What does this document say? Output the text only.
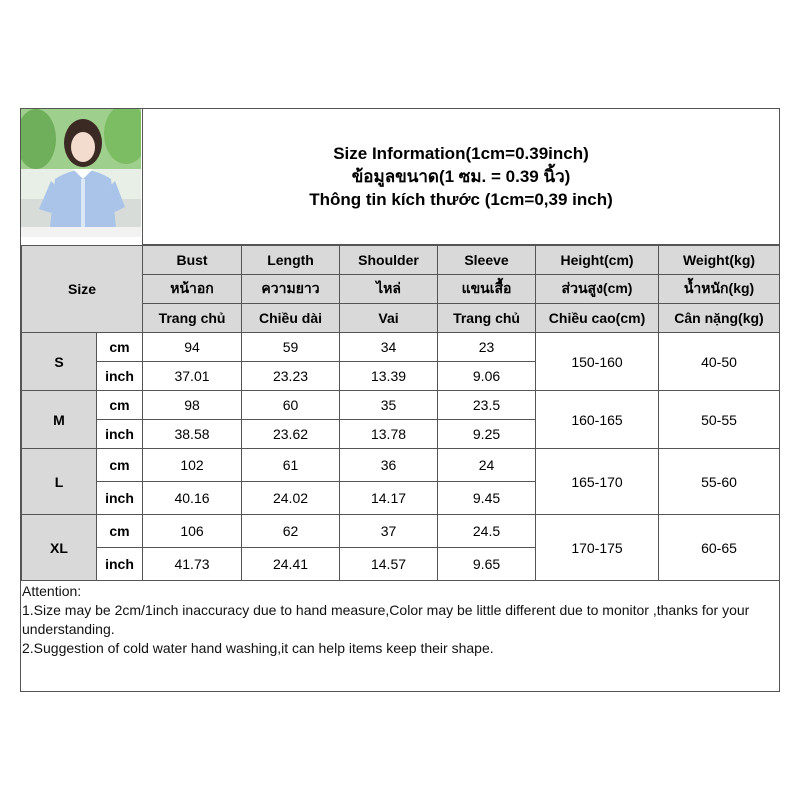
Size Information(1cm=0.39inch)
ข้อมูลขนาด(1 ซม. = 0.39 นิ้ว)
Thông tin kích thước (1cm=0,39 inch)
Size		Bust	Length	Shoulder	Sleeve	Height(cm)	Weight(kg)
		หน้าอก	ความยาว	ไหล่	แขนเสื้อ	ส่วนสูง(cm)	น้ำหนัก(kg)
		Trang chủ	Chiều dài	Vai	Trang chủ	Chiều cao(cm)	Cân nặng(kg)
S	cm	94	59	34	23	150-160	40-50
	inch	37.01	23.23	13.39	9.06		
M	cm	98	60	35	23.5	160-165	50-55
	inch	38.58	23.62	13.78	9.25		
L	cm	102	61	36	24	165-170	55-60
	inch	40.16	24.02	14.17	9.45		
XL	cm	106	62	37	24.5	170-175	60-65
	inch	41.73	24.41	14.57	9.65		
Attention:
1.Size may be 2cm/1inch inaccuracy due to hand measure,Color may be little different due to monitor ,thanks for your understanding.
2.Suggestion of cold water hand washing,it can help items keep their shape.
